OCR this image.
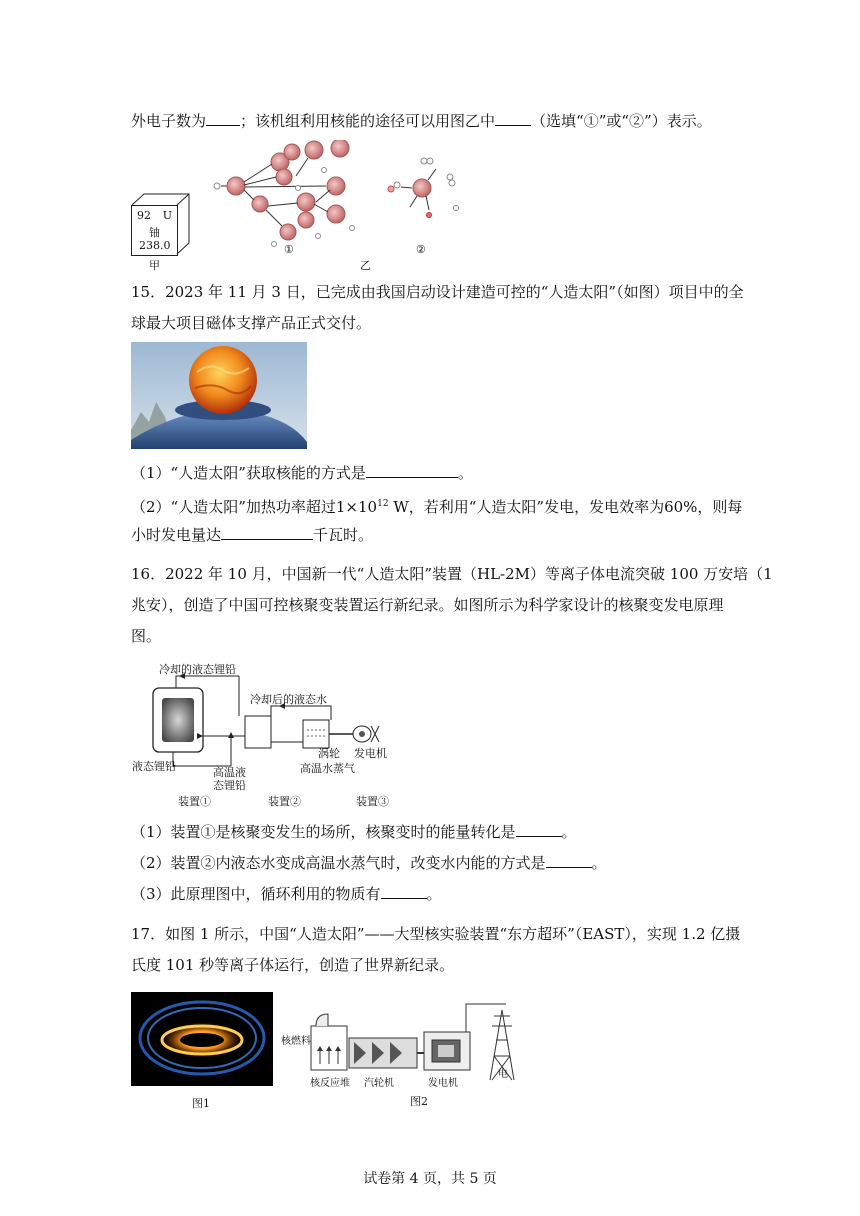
外电子数为 ；该机组利用核能的途径可以用图乙中 （选填“①”或“②”）表示。
92 U
铀
238.0
甲
①
乙
②
15．2023 年 11 月 3 日，已完成由我国启动设计建造可控的“人造太阳”（如图）项目中的全
球最大项目磁体支撑产品正式交付。
（1）“人造太阳”获取核能的方式是	。
（2）“人造太阳”加热功率超过$1\times 10^{12}$ W，若利用“人造太阳”发电，发电效率为60%，则每
小时发电量达	千瓦时。
16．2022 年 10 月，中国新一代“人造太阳”装置（HL-2M）等离子体电流突破 100 万安培（1
兆安），创造了中国可控核聚变装置运行新纪录。如图所示为科学家设计的核聚变发电原理
图。
冷却的液态锂铅
冷却后的液态水
液态锂铅	高温液
态锂铅
涡轮 发电机
高温水蒸气
装置①	装置②	装置③
（1）装置①是核聚变发生的场所，核聚变时的能量转化是	。
（2）装置②内液态水变成高温水蒸气时，改变水内能的方式是	。
（3）此原理图中，循环利用的物质有	。
17．如图 1 所示，中国“人造太阳”——大型核实验装置“东方超环”（EAST），实现 1.2 亿摄
氏度 101 秒等离子体运行，创造了世界新纪录。
图1
核燃料
核反应堆 汽轮机	发电机
电
图2
试卷第 4 页，共 5 页
